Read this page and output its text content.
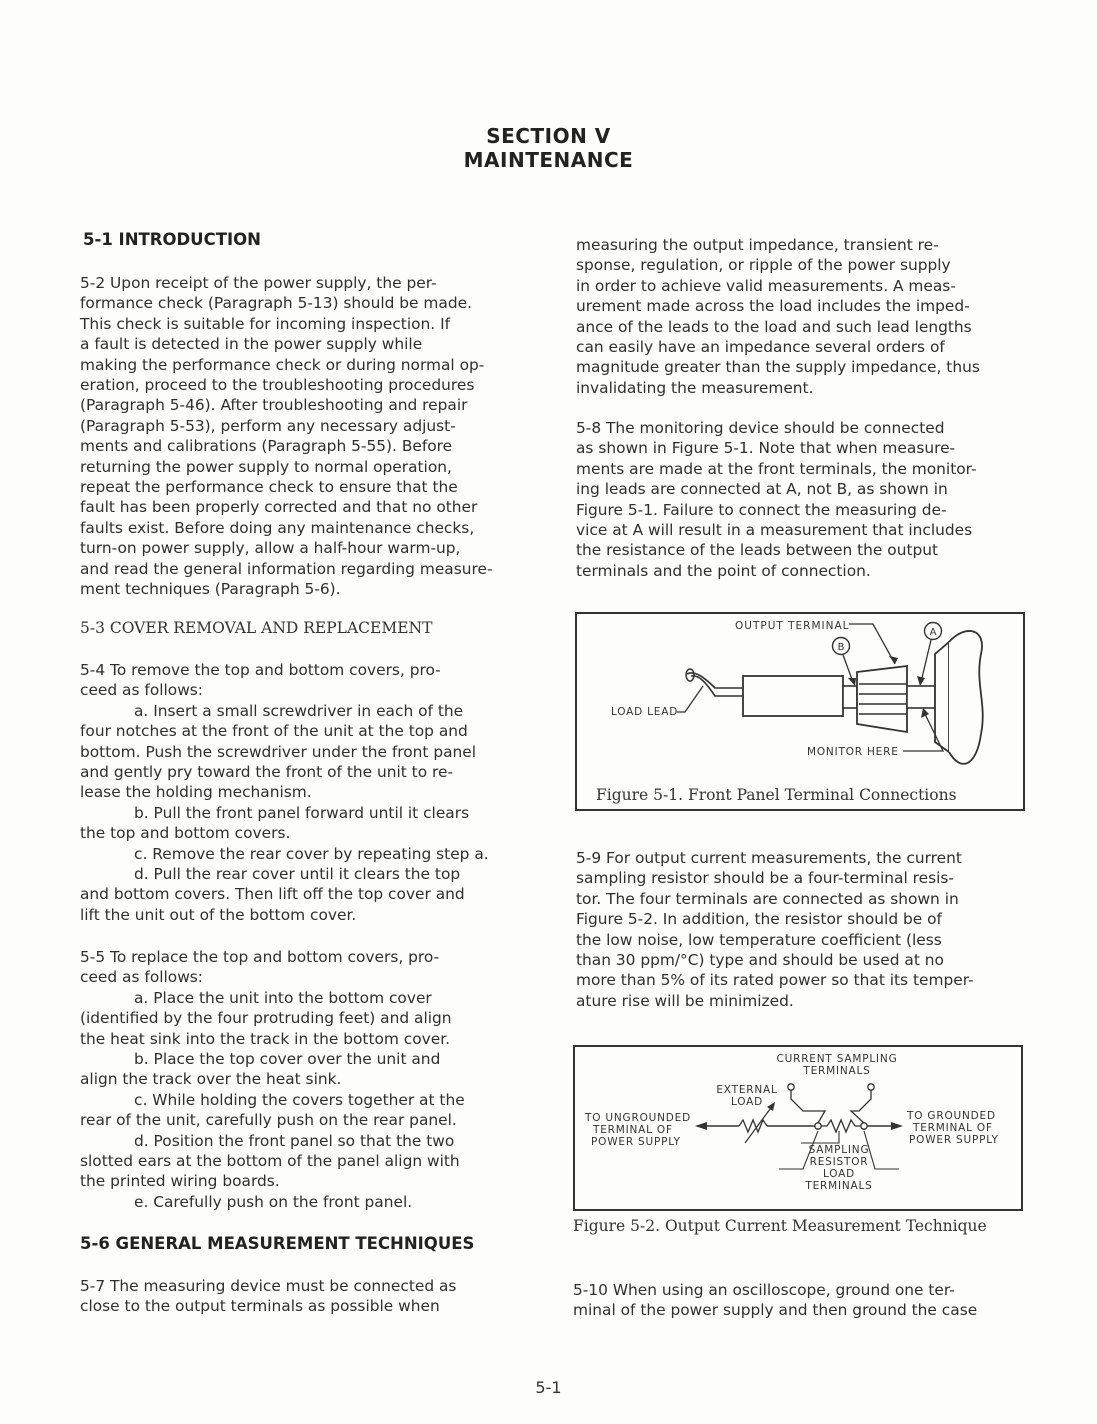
SECTION V
MAINTENANCE
5-1 INTRODUCTION
5-2 Upon receipt of the power supply, the per-
formance check (Paragraph 5-13) should be made.
This check is suitable for incoming inspection. If
a fault is detected in the power supply while
making the performance check or during normal op-
eration, proceed to the troubleshooting procedures
(Paragraph 5-46). After troubleshooting and repair
(Paragraph 5-53), perform any necessary adjust-
ments and calibrations (Paragraph 5-55). Before
returning the power supply to normal operation,
repeat the performance check to ensure that the
fault has been properly corrected and that no other
faults exist. Before doing any maintenance checks,
turn-on power supply, allow a half-hour warm-up,
and read the general information regarding measure-
ment techniques (Paragraph 5-6).
5-3 COVER REMOVAL AND REPLACEMENT
5-4 To remove the top and bottom covers, pro-
ceed as follows:
a. Insert a small screwdriver in each of the
four notches at the front of the unit at the top and
bottom. Push the screwdriver under the front panel
and gently pry toward the front of the unit to re-
lease the holding mechanism.
b. Pull the front panel forward until it clears
the top and bottom covers.
c. Remove the rear cover by repeating step a.
d. Pull the rear cover until it clears the top
and bottom covers. Then lift off the top cover and
lift the unit out of the bottom cover.
5-5 To replace the top and bottom covers, pro-
ceed as follows:
a. Place the unit into the bottom cover
(identified by the four protruding feet) and align
the heat sink into the track in the bottom cover.
b. Place the top cover over the unit and
align the track over the heat sink.
c. While holding the covers together at the
rear of the unit, carefully push on the rear panel.
d. Position the front panel so that the two
slotted ears at the bottom of the panel align with
the printed wiring boards.
e. Carefully push on the front panel.
5-6 GENERAL MEASUREMENT TECHNIQUES
5-7 The measuring device must be connected as
close to the output terminals as possible when
measuring the output impedance, transient re-
sponse, regulation, or ripple of the power supply
in order to achieve valid measurements. A meas-
urement made across the load includes the imped-
ance of the leads to the load and such lead lengths
can easily have an impedance several orders of
magnitude greater than the supply impedance, thus
invalidating the measurement.
5-8 The monitoring device should be connected
as shown in Figure 5-1. Note that when measure-
ments are made at the front terminals, the monitor-
ing leads are connected at A, not B, as shown in
Figure 5-1. Failure to connect the measuring de-
vice at A will result in a measurement that includes
the resistance of the leads between the output
terminals and the point of connection.
OUTPUT TERMINAL
B
A
LOAD LEAD
MONITOR HERE
Figure 5-1. Front Panel Terminal Connections
5-9 For output current measurements, the current
sampling resistor should be a four-terminal resis-
tor. The four terminals are connected as shown in
Figure 5-2. In addition, the resistor should be of
the low noise, low temperature coefficient (less
than 30 ppm/°C) type and should be used at no
more than 5% of its rated power so that its temper-
ature rise will be minimized.
CURRENT SAMPLING
TERMINALS
EXTERNAL
LOAD
TO UNGROUNDED
TERMINAL OF
POWER SUPPLY
TO GROUNDED
TERMINAL OF
POWER SUPPLY
SAMPLING
RESISTOR
LOAD
TERMINALS
Figure 5-2. Output Current Measurement Technique
5-10 When using an oscilloscope, ground one ter-
minal of the power supply and then ground the case
5-1
